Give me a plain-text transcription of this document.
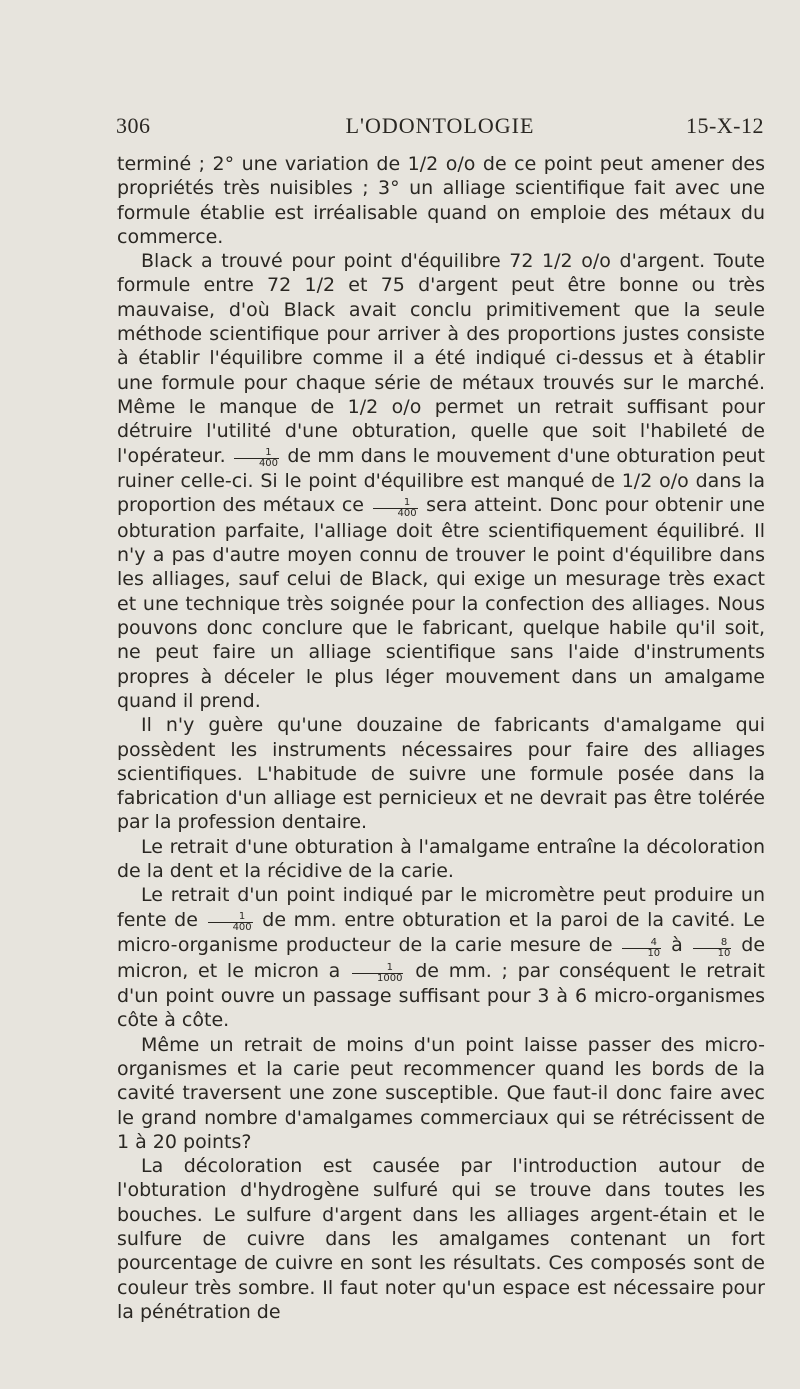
306	L'ODONTOLOGIE	15-X-12

terminé ; 2° une variation de 1/2 o/o de ce point peut amener des propriétés très nuisibles ; 3° un alliage scientifique fait avec une formule établie est irréalisable quand on emploie des métaux du commerce.

Black a trouvé pour point d'équilibre 72 1/2 o/o d'argent. Toute formule entre 72 1/2 et 75 d'argent peut être bonne ou très mauvaise, d'où Black avait conclu primitivement que la seule méthode scientifique pour arriver à des proportions justes consiste à établir l'équilibre comme il a été indiqué ci-dessus et à établir une formule pour chaque série de métaux trouvés sur le marché. Même le manque de 1/2 o/o permet un retrait suffisant pour détruire l'utilité d'une obturation, quelle que soit l'habileté de l'opérateur. $\frac{1}{400}$ de mm dans le mouvement d'une obturation peut ruiner celle-ci. Si le point d'équilibre est manqué de 1/2 o/o dans la proportion des métaux ce $\frac{1}{400}$ sera atteint. Donc pour obtenir une obturation parfaite, l'alliage doit être scientifiquement équilibré. Il n'y a pas d'autre moyen connu de trouver le point d'équilibre dans les alliages, sauf celui de Black, qui exige un mesurage très exact et une technique très soignée pour la confection des alliages. Nous pouvons donc conclure que le fabricant, quelque habile qu'il soit, ne peut faire un alliage scientifique sans l'aide d'instruments propres à déceler le plus léger mouvement dans un amalgame quand il prend.

Il n'y guère qu'une douzaine de fabricants d'amalgame qui possèdent les instruments nécessaires pour faire des alliages scientifiques. L'habitude de suivre une formule posée dans la fabrication d'un alliage est pernicieux et ne devrait pas être tolérée par la profession dentaire.

Le retrait d'une obturation à l'amalgame entraîne la décoloration de la dent et la récidive de la carie.

Le retrait d'un point indiqué par le micromètre peut produire un fente de $\frac{1}{400}$ de mm. entre obturation et la paroi de la cavité. Le micro-organisme producteur de la carie mesure de $\frac{4}{10}$ à $\frac{8}{10}$ de micron, et le micron a $\frac{1}{1000}$ de mm. ; par conséquent le retrait d'un point ouvre un passage suffisant pour 3 à 6 micro-organismes côte à côte.

Même un retrait de moins d'un point laisse passer des micro-organismes et la carie peut recommencer quand les bords de la cavité traversent une zone susceptible. Que faut-il donc faire avec le grand nombre d'amalgames commerciaux qui se rétrécissent de 1 à 20 points?

La décoloration est causée par l'introduction autour de l'obturation d'hydrogène sulfuré qui se trouve dans toutes les bouches. Le sulfure d'argent dans les alliages argent-étain et le sulfure de cuivre dans les amalgames contenant un fort pourcentage de cuivre en sont les résultats. Ces composés sont de couleur très sombre. Il faut noter qu'un espace est nécessaire pour la pénétration de
